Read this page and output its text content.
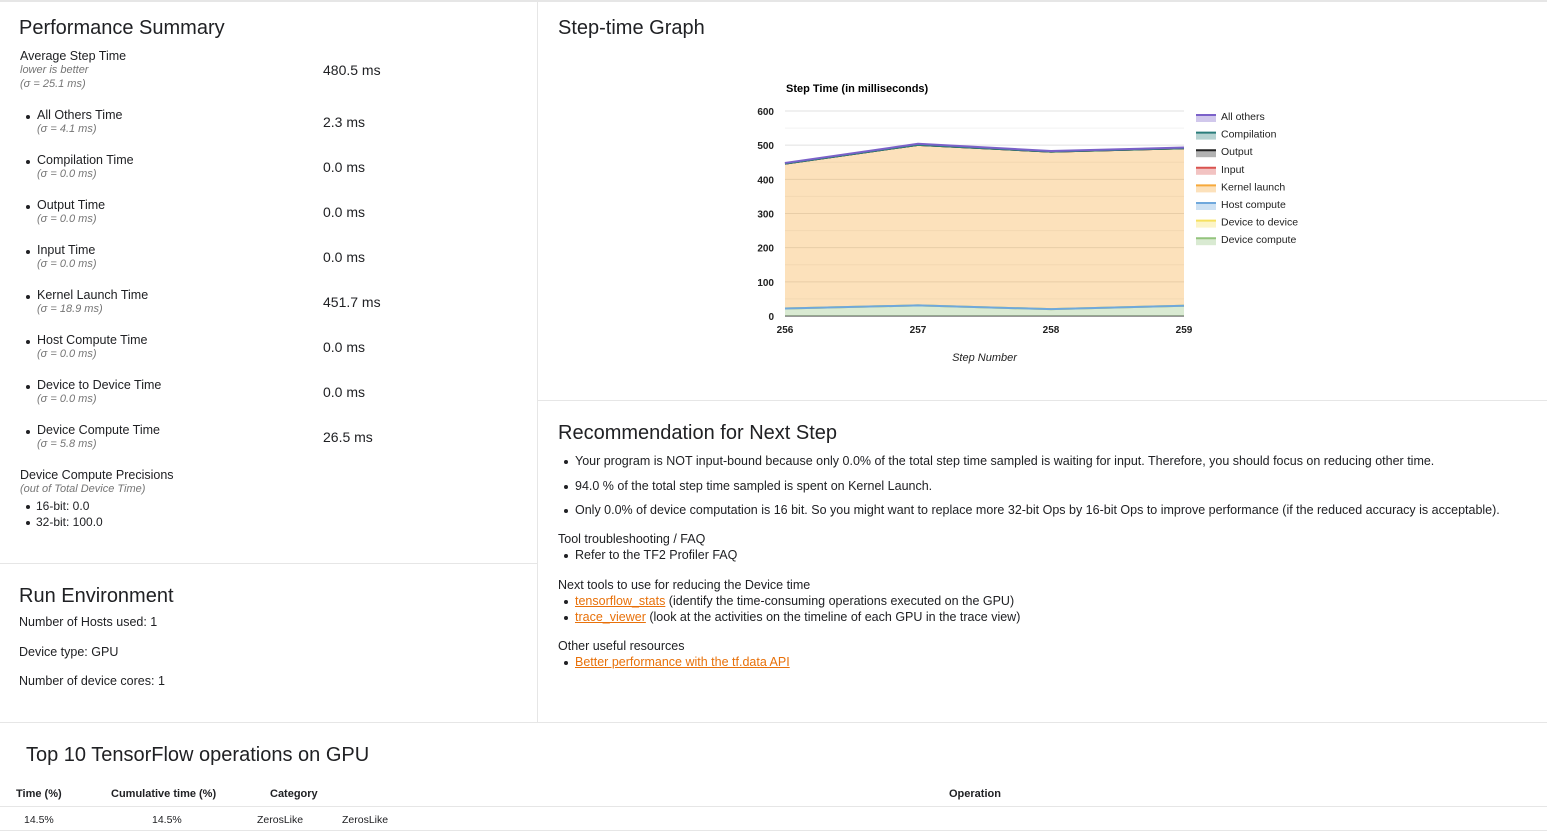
Performance Summary
Average Step Time
lower is better
(σ = 25.1 ms)
480.5 ms
All Others Time
(σ = 4.1 ms)	2.3 ms
Compilation Time
(σ = 0.0 ms)	0.0 ms
Output Time
(σ = 0.0 ms)	0.0 ms
Input Time
(σ = 0.0 ms)	0.0 ms
Kernel Launch Time
(σ = 18.9 ms)	451.7 ms
Host Compute Time
(σ = 0.0 ms)	0.0 ms
Device to Device Time
(σ = 0.0 ms)	0.0 ms
Device Compute Time
(σ = 5.8 ms)	26.5 ms
Device Compute Precisions
(out of Total Device Time)
16-bit: 0.0
32-bit: 100.0
Run Environment
Number of Hosts used: 1
Device type: GPU
Number of device cores: 1
Step-time Graph
Step Time (in milliseconds)
0
100
200
300
400
500
600
256	257	258	259
Step Number
All others
Compilation
Output
Input
Kernel launch
Host compute
Device to device
Device compute
Recommendation for Next Step
Your program is NOT input-bound because only 0.0% of the total step time sampled is waiting for input. Therefore, you should focus on reducing other time.
94.0 % of the total step time sampled is spent on Kernel Launch.
Only 0.0% of device computation is 16 bit. So you might want to replace more 32-bit Ops by 16-bit Ops to improve performance (if the reduced accuracy is acceptable).
Tool troubleshooting / FAQ
Refer to the TF2 Profiler FAQ
Next tools to use for reducing the Device time
tensorflow_stats (identify the time-consuming operations executed on the GPU)
trace_viewer (look at the activities on the timeline of each GPU in the trace view)
Other useful resources
Better performance with the tf.data API
Top 10 TensorFlow operations on GPU
Time (%)	Cumulative time (%)	Category	Operation
14.5%	14.5%	ZerosLike	ZerosLike
